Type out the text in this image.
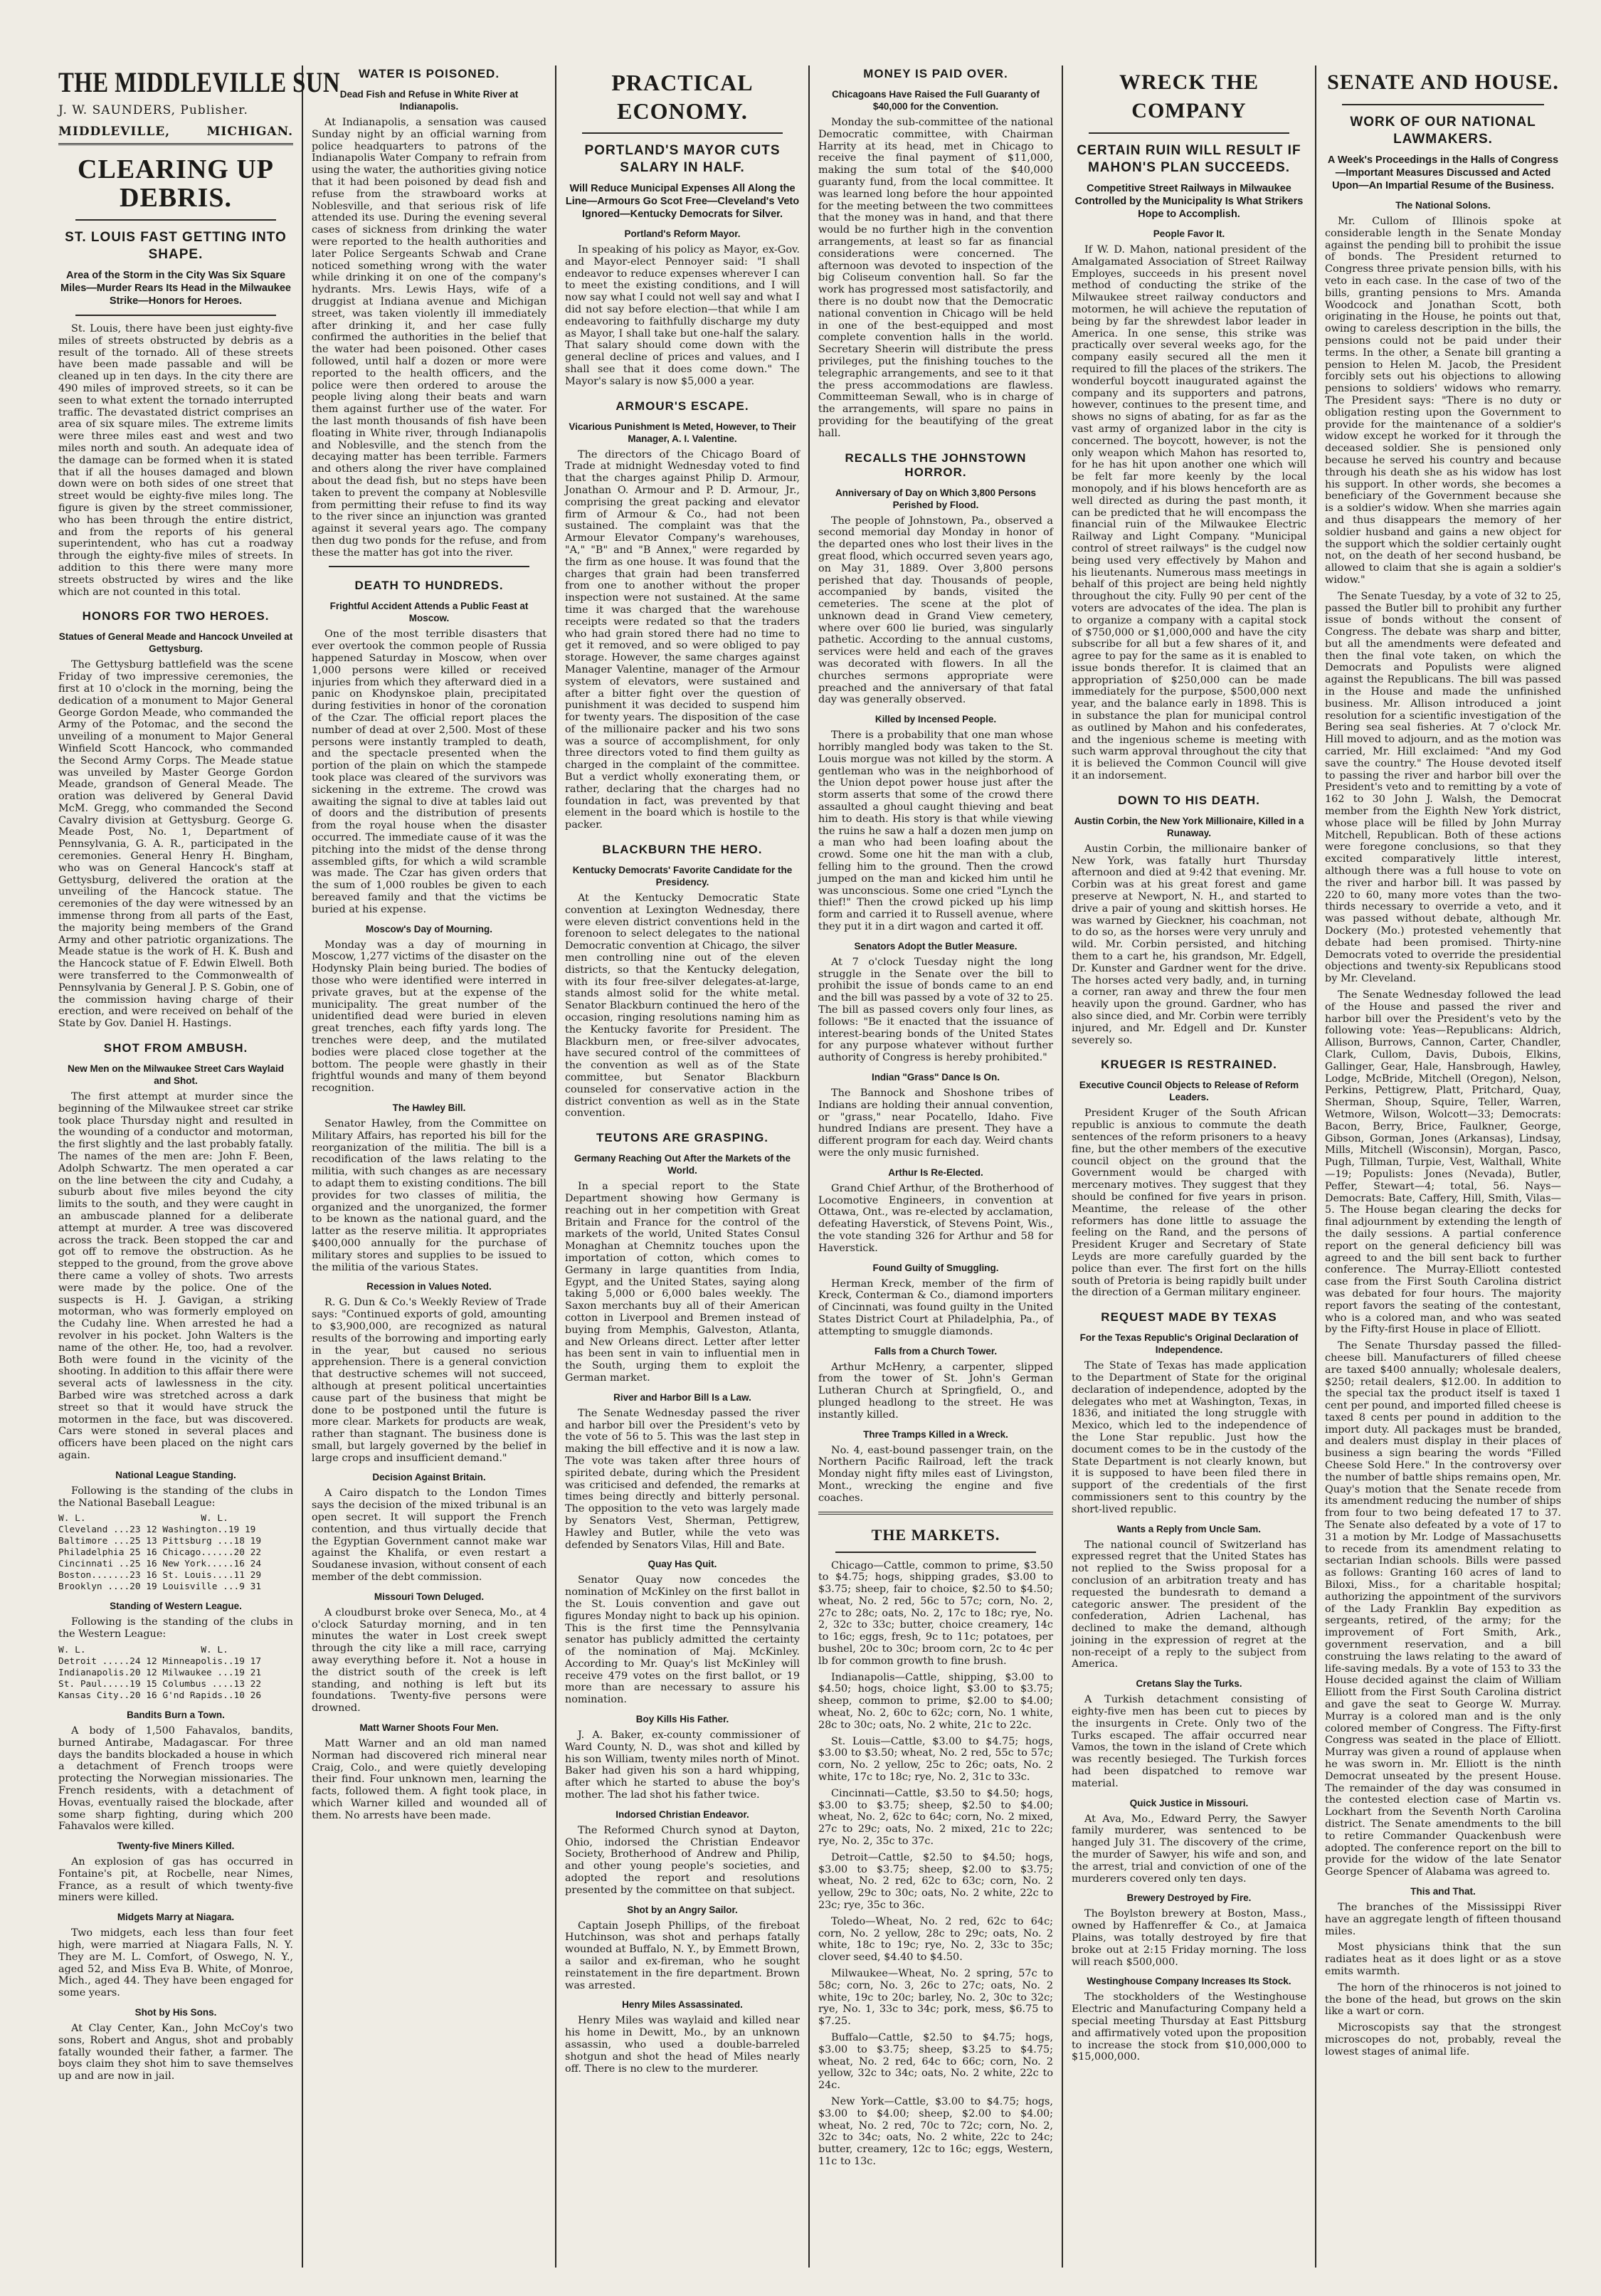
THE MIDDLEVILLE SUN
J. W. SAUNDERS, Publisher.
MIDDLEVILLE,	MICHIGAN.
CLEARING UP DEBRIS.
ST. LOUIS FAST GETTING INTO SHAPE.
Area of the Storm in the City Was Six Square Miles—Murder Rears Its Head in the Milwaukee Strike—Honors for Heroes.

St. Louis, there have been just eighty-five miles of streets obstructed by debris as a result of the tornado. All of these streets have been made passable and will be cleaned up in ten days. In the city there are 490 miles of improved streets, so it can be seen to what extent the tornado interrupted traffic. The devastated district comprises an area of six square miles. The extreme limits were three miles east and west and two miles north and south. An adequate idea of the damage can be formed when it is stated that if all the houses damaged and blown down were on both sides of one street that street would be eighty-five miles long. The figure is given by the street commissioner, who has been through the entire district, and from the reports of his general superintendent, who has cut a roadway through the eighty-five miles of streets. In addition to this there were many more streets obstructed by wires and the like which are not counted in this total.

HONORS FOR TWO HEROES.
Statues of General Meade and Hancock Unveiled at Gettysburg.

The Gettysburg battlefield was the scene Friday of two impressive ceremonies, the first at 10 o'clock in the morning, being the dedication of a monument to Major General George Gordon Meade, who commanded the Army of the Potomac, and the second the unveiling of a monument to Major General Winfield Scott Hancock, who commanded the Second Army Corps. The Meade statue was unveiled by Master George Gordon Meade, grandson of General Meade. The oration was delivered by General David McM. Gregg, who commanded the Second Cavalry division at Gettysburg. George G. Meade Post, No. 1, Department of Pennsylvania, G. A. R., participated in the ceremonies. General Henry H. Bingham, who was on General Hancock's staff at Gettysburg, delivered the oration at the unveiling of the Hancock statue. The ceremonies of the day were witnessed by an immense throng from all parts of the East, the majority being members of the Grand Army and other patriotic organizations. The Meade statue is the work of H. K. Bush and the Hancock statue of F. Edwin Elwell. Both were transferred to the Commonwealth of Pennsylvania by General J. P. S. Gobin, one of the commission having charge of their erection, and were received on behalf of the State by Gov. Daniel H. Hastings.

SHOT FROM AMBUSH.
New Men on the Milwaukee Street Cars Waylaid and Shot.

The first attempt at murder since the beginning of the Milwaukee street car strike took place Thursday night and resulted in the wounding of a conductor and motorman, the first slightly and the last probably fatally. The names of the men are: John F. Been, Adolph Schwartz. The men operated a car on the line between the city and Cudahy, a suburb about five miles beyond the city limits to the south, and they were caught in an ambuscade planned for a deliberate attempt at murder. A tree was discovered across the track. Been stopped the car and got off to remove the obstruction. As he stepped to the ground, from the grove above there came a volley of shots. Two arrests were made by the police. One of the suspects is H. J. Gavigan, a striking motorman, who was formerly employed on the Cudahy line. When arrested he had a revolver in his pocket. John Walters is the name of the other. He, too, had a revolver. Both were found in the vicinity of the shooting. In addition to this affair there were several acts of lawlessness in the city. Barbed wire was stretched across a dark street so that it would have struck the motormen in the face, but was discovered. Cars were stoned in several places and officers have been placed on the night cars again.

National League Standing.

Following is the standing of the clubs in the National Baseball League:

W. L.                     W. L.
Cleveland ...23 12 Washington..19 19
Baltimore ...25 13 Pittsburg ...18 19
Philadelphia 25 16 Chicago......20 22
Cincinnati ..25 16 New York.....16 24
Boston.......23 16 St. Louis....11 29
Brooklyn ....20 19 Louisville ...9 31
Standing of Western League.

Following is the standing of the clubs in the Western League:

W. L.                     W. L.
Detroit .....24 12 Minneapolis..19 17
Indianapolis.20 12 Milwaukee ...19 21
St. Paul.....19 15 Columbus ....13 22
Kansas City..20 16 G'nd Rapids..10 26
Bandits Burn a Town.

A body of 1,500 Fahavalos, bandits, burned Antirabe, Madagascar. For three days the bandits blockaded a house in which a detachment of French troops were protecting the Norwegian missionaries. The French residents, with a detachment of Hovas, eventually raised the blockade, after some sharp fighting, during which 200 Fahavalos were killed.

Twenty-five Miners Killed.

An explosion of gas has occurred in Fontaine's pit, at Rocbelle, near Nimes, France, as a result of which twenty-five miners were killed.

Midgets Marry at Niagara.

Two midgets, each less than four feet high, were married at Niagara Falls, N. Y. They are M. L. Comfort, of Oswego, N. Y., aged 52, and Miss Eva B. White, of Monroe, Mich., aged 44. They have been engaged for some years.

Shot by His Sons.

At Clay Center, Kan., John McCoy's two sons, Robert and Angus, shot and probably fatally wounded their father, a farmer. The boys claim they shot him to save themselves up and are now in jail.

WATER IS POISONED.
Dead Fish and Refuse in White River at Indianapolis.

At Indianapolis, a sensation was caused Sunday night by an official warning from police headquarters to patrons of the Indianapolis Water Company to refrain from using the water, the authorities giving notice that it had been poisoned by dead fish and refuse from the strawboard works at Noblesville, and that serious risk of life attended its use. During the evening several cases of sickness from drinking the water were reported to the health authorities and later Police Sergeants Schwab and Crane noticed something wrong with the water while drinking it on one of the company's hydrants. Mrs. Lewis Hays, wife of a druggist at Indiana avenue and Michigan street, was taken violently ill immediately after drinking it, and her case fully confirmed the authorities in the belief that the water had been poisoned. Other cases followed, until half a dozen or more were reported to the health officers, and the police were then ordered to arouse the people living along their beats and warn them against further use of the water. For the last month thousands of fish have been floating in White river, through Indianapolis and Noblesville, and the stench from the decaying matter has been terrible. Farmers and others along the river have complained about the dead fish, but no steps have been taken to prevent the company at Noblesville from permitting their refuse to find its way to the river since an injunction was granted against it several years ago. The company then dug two ponds for the refuse, and from these the matter has got into the river.

DEATH TO HUNDREDS.
Frightful Accident Attends a Public Feast at Moscow.

One of the most terrible disasters that ever overtook the common people of Russia happened Saturday in Moscow, when over 1,000 persons were killed or received injuries from which they afterward died in a panic on Khodynskoe plain, precipitated during festivities in honor of the coronation of the Czar. The official report places the number of dead at over 2,500. Most of these persons were instantly trampled to death, and the spectacle presented when the portion of the plain on which the stampede took place was cleared of the survivors was sickening in the extreme. The crowd was awaiting the signal to dive at tables laid out of doors and the distribution of presents from the royal house when the disaster occurred. The immediate cause of it was the pitching into the midst of the dense throng assembled gifts, for which a wild scramble was made. The Czar has given orders that the sum of 1,000 roubles be given to each bereaved family and that the victims be buried at his expense.

Moscow's Day of Mourning.

Monday was a day of mourning in Moscow, 1,277 victims of the disaster on the Hodynsky Plain being buried. The bodies of those who were identified were interred in private graves, but at the expense of the municipality. The great number of the unidentified dead were buried in eleven great trenches, each fifty yards long. The trenches were deep, and the mutilated bodies were placed close together at the bottom. The people were ghastly in their frightful wounds and many of them beyond recognition.

The Hawley Bill.

Senator Hawley, from the Committee on Military Affairs, has reported his bill for the reorganization of the militia. The bill is a recodification of the laws relating to the militia, with such changes as are necessary to adapt them to existing conditions. The bill provides for two classes of militia, the organized and the unorganized, the former to be known as the national guard, and the latter as the reserve militia. It appropriates $400,000 annually for the purchase of military stores and supplies to be issued to the militia of the various States.

Recession in Values Noted.

R. G. Dun & Co.'s Weekly Review of Trade says: "Continued exports of gold, amounting to $3,900,000, are recognized as natural results of the borrowing and importing early in the year, but caused no serious apprehension. There is a general conviction that destructive schemes will not succeed, although at present political uncertainties cause part of the business that might be done to be postponed until the future is more clear. Markets for products are weak, rather than stagnant. The business done is small, but largely governed by the belief in large crops and insufficient demand."

Decision Against Britain.

A Cairo dispatch to the London Times says the decision of the mixed tribunal is an open secret. It will support the French contention, and thus virtually decide that the Egyptian Government cannot make war against the Khalifa, or even restart a Soudanese invasion, without consent of each member of the debt commission.

Missouri Town Deluged.

A cloudburst broke over Seneca, Mo., at 4 o'clock Saturday morning, and in ten minutes the water in Lost creek swept through the city like a mill race, carrying away everything before it. Not a house in the district south of the creek is left standing, and nothing is left but its foundations. Twenty-five persons were drowned.

Matt Warner Shoots Four Men.

Matt Warner and an old man named Norman had discovered rich mineral near Craig, Colo., and were quietly developing their find. Four unknown men, learning the facts, followed them. A fight took place, in which Warner killed and wounded all of them. No arrests have been made.

PRACTICAL ECONOMY.
PORTLAND'S MAYOR CUTS SALARY IN HALF.
Will Reduce Municipal Expenses All Along the Line—Armours Go Scot Free—Cleveland's Veto Ignored—Kentucky Democrats for Silver.
Portland's Reform Mayor.

In speaking of his policy as Mayor, ex-Gov. and Mayor-elect Pennoyer said: "I shall endeavor to reduce expenses wherever I can to meet the existing conditions, and I will now say what I could not well say and what I did not say before election—that while I am endeavoring to faithfully discharge my duty as Mayor, I shall take but one-half the salary. That salary should come down with the general decline of prices and values, and I shall see that it does come down." The Mayor's salary is now $5,000 a year.

ARMOUR'S ESCAPE.
Vicarious Punishment Is Meted, However, to Their Manager, A. I. Valentine.

The directors of the Chicago Board of Trade at midnight Wednesday voted to find that the charges against Philip D. Armour, Jonathan O. Armour and P. D. Armour, Jr., comprising the great packing and elevator firm of Armour & Co., had not been sustained. The complaint was that the Armour Elevator Company's warehouses, "A," "B" and "B Annex," were regarded by the firm as one house. It was found that the charges that grain had been transferred from one to another without the proper inspection were not sustained. At the same time it was charged that the warehouse receipts were redated so that the traders who had grain stored there had no time to get it removed, and so were obliged to pay storage. However, the same charges against Manager Valentine, manager of the Armour system of elevators, were sustained and after a bitter fight over the question of punishment it was decided to suspend him for twenty years. The disposition of the case of the millionaire packer and his two sons was a source of accomplishment, for only three directors voted to find them guilty as charged in the complaint of the committee. But a verdict wholly exonerating them, or rather, declaring that the charges had no foundation in fact, was prevented by that element in the board which is hostile to the packer.

BLACKBURN THE HERO.
Kentucky Democrats' Favorite Candidate for the Presidency.

At the Kentucky Democratic State convention at Lexington Wednesday, there were eleven district conventions held in the forenoon to select delegates to the national Democratic convention at Chicago, the silver men controlling nine out of the eleven districts, so that the Kentucky delegation, with its four free-silver delegates-at-large, stands almost solid for the white metal. Senator Blackburn continued the hero of the occasion, ringing resolutions naming him as the Kentucky favorite for President. The Blackburn men, or free-silver advocates, have secured control of the committees of the convention as well as of the State committee, but Senator Blackburn counseled for conservative action in the district convention as well as in the State convention.

TEUTONS ARE GRASPING.
Germany Reaching Out After the Markets of the World.

In a special report to the State Department showing how Germany is reaching out in her competition with Great Britain and France for the control of the markets of the world, United States Consul Monaghan at Chemnitz touches upon the importation of cotton, which comes to Germany in large quantities from India, Egypt, and the United States, saying along taking 5,000 or 6,000 bales weekly. The Saxon merchants buy all of their American cotton in Liverpool and Bremen instead of buying from Memphis, Galveston, Atlanta, and New Orleans direct. Letter after letter has been sent in vain to influential men in the South, urging them to exploit the German market.

River and Harbor Bill Is a Law.

The Senate Wednesday passed the river and harbor bill over the President's veto by the vote of 56 to 5. This was the last step in making the bill effective and it is now a law. The vote was taken after three hours of spirited debate, during which the President was criticised and defended, the remarks at times being directly and bitterly personal. The opposition to the veto was largely made by Senators Vest, Sherman, Pettigrew, Hawley and Butler, while the veto was defended by Senators Vilas, Hill and Bate.

Quay Has Quit.

Senator Quay now concedes the nomination of McKinley on the first ballot in the St. Louis convention and gave out figures Monday night to back up his opinion. This is the first time the Pennsylvania senator has publicly admitted the certainty of the nomination of Maj. McKinley. According to Mr. Quay's list McKinley will receive 479 votes on the first ballot, or 19 more than are necessary to assure his nomination.

Boy Kills His Father.

J. A. Baker, ex-county commissioner of Ward County, N. D., was shot and killed by his son William, twenty miles north of Minot. Baker had given his son a hard whipping, after which he started to abuse the boy's mother. The lad shot his father twice.

Indorsed Christian Endeavor.

The Reformed Church synod at Dayton, Ohio, indorsed the Christian Endeavor Society, Brotherhood of Andrew and Philip, and other young people's societies, and adopted the report and resolutions presented by the committee on that subject.

Shot by an Angry Sailor.

Captain Joseph Phillips, of the fireboat Hutchinson, was shot and perhaps fatally wounded at Buffalo, N. Y., by Emmett Brown, a sailor and ex-fireman, who he sought reinstatement in the fire department. Brown was arrested.

Henry Miles Assassinated.

Henry Miles was waylaid and killed near his home in Dewitt, Mo., by an unknown assassin, who used a double-barreled shotgun and shot the head of Miles nearly off. There is no clew to the murderer.

MONEY IS PAID OVER.
Chicagoans Have Raised the Full Guaranty of $40,000 for the Convention.

Monday the sub-committee of the national Democratic committee, with Chairman Harrity at its head, met in Chicago to receive the final payment of $11,000, making the sum total of the $40,000 guaranty fund, from the local committee. It was learned long before the hour appointed for the meeting between the two committees that the money was in hand, and that there would be no further high in the convention arrangements, at least so far as financial considerations were concerned. The afternoon was devoted to inspection of the big Coliseum convention hall. So far the work has progressed most satisfactorily, and there is no doubt now that the Democratic national convention in Chicago will be held in one of the best-equipped and most complete convention halls in the world. Secretary Sheerin will distribute the press privileges, put the finishing touches to the telegraphic arrangements, and see to it that the press accommodations are flawless. Committeeman Sewall, who is in charge of the arrangements, will spare no pains in providing for the beautifying of the great hall.

RECALLS THE JOHNSTOWN HORROR.
Anniversary of Day on Which 3,800 Persons Perished by Flood.

The people of Johnstown, Pa., observed a second memorial day Monday in honor of the departed ones who lost their lives in the great flood, which occurred seven years ago, on May 31, 1889. Over 3,800 persons perished that day. Thousands of people, accompanied by bands, visited the cemeteries. The scene at the plot of unknown dead in Grand View cemetery, where over 600 lie buried, was singularly pathetic. According to the annual customs, services were held and each of the graves was decorated with flowers. In all the churches sermons appropriate were preached and the anniversary of that fatal day was generally observed.

Killed by Incensed People.

There is a probability that one man whose horribly mangled body was taken to the St. Louis morgue was not killed by the storm. A gentleman who was in the neighborhood of the Union depot power house just after the storm asserts that some of the crowd there assaulted a ghoul caught thieving and beat him to death. His story is that while viewing the ruins he saw a half a dozen men jump on a man who had been loafing about the crowd. Some one hit the man with a club, felling him to the ground. Then the crowd jumped on the man and kicked him until he was unconscious. Some one cried "Lynch the thief!" Then the crowd picked up his limp form and carried it to Russell avenue, where they put it in a dirt wagon and carted it off.

Senators Adopt the Butler Measure.

At 7 o'clock Tuesday night the long struggle in the Senate over the bill to prohibit the issue of bonds came to an end and the bill was passed by a vote of 32 to 25. The bill as passed covers only four lines, as follows: "Be it enacted that the issuance of interest-bearing bonds of the United States for any purpose whatever without further authority of Congress is hereby prohibited."

Indian "Grass" Dance Is On.

The Bannock and Shoshone tribes of Indians are holding their annual convention, or "grass," near Pocatello, Idaho. Five hundred Indians are present. They have a different program for each day. Weird chants were the only music furnished.

Arthur Is Re-Elected.

Grand Chief Arthur, of the Brotherhood of Locomotive Engineers, in convention at Ottawa, Ont., was re-elected by acclamation, defeating Haverstick, of Stevens Point, Wis., the vote standing 326 for Arthur and 58 for Haverstick.

Found Guilty of Smuggling.

Herman Kreck, member of the firm of Kreck, Conterman & Co., diamond importers of Cincinnati, was found guilty in the United States District Court at Philadelphia, Pa., of attempting to smuggle diamonds.

Falls from a Church Tower.

Arthur McHenry, a carpenter, slipped from the tower of St. John's German Lutheran Church at Springfield, O., and plunged headlong to the street. He was instantly killed.

Three Tramps Killed in a Wreck.

No. 4, east-bound passenger train, on the Northern Pacific Railroad, left the track Monday night fifty miles east of Livingston, Mont., wrecking the engine and five coaches.

THE MARKETS.

Chicago—Cattle, common to prime, $3.50 to $4.75; hogs, shipping grades, $3.00 to $3.75; sheep, fair to choice, $2.50 to $4.50; wheat, No. 2 red, 56c to 57c; corn, No. 2, 27c to 28c; oats, No. 2, 17c to 18c; rye, No. 2, 32c to 33c; butter, choice creamery, 14c to 16c; eggs, fresh, 9c to 11c; potatoes, per bushel, 20c to 30c; broom corn, 2c to 4c per lb for common growth to fine brush.

Indianapolis—Cattle, shipping, $3.00 to $4.50; hogs, choice light, $3.00 to $3.75; sheep, common to prime, $2.00 to $4.00; wheat, No. 2, 60c to 62c; corn, No. 1 white, 28c to 30c; oats, No. 2 white, 21c to 22c.

St. Louis—Cattle, $3.00 to $4.75; hogs, $3.00 to $3.50; wheat, No. 2 red, 55c to 57c; corn, No. 2 yellow, 25c to 26c; oats, No. 2 white, 17c to 18c; rye, No. 2, 31c to 33c.

Cincinnati—Cattle, $3.50 to $4.50; hogs, $3.00 to $3.75; sheep, $2.50 to $4.00; wheat, No. 2, 62c to 64c; corn, No. 2 mixed, 27c to 29c; oats, No. 2 mixed, 21c to 22c; rye, No. 2, 35c to 37c.

Detroit—Cattle, $2.50 to $4.50; hogs, $3.00 to $3.75; sheep, $2.00 to $3.75; wheat, No. 2 red, 62c to 63c; corn, No. 2 yellow, 29c to 30c; oats, No. 2 white, 22c to 23c; rye, 35c to 36c.

Toledo—Wheat, No. 2 red, 62c to 64c; corn, No. 2 yellow, 28c to 29c; oats, No. 2 white, 18c to 19c; rye, No. 2, 33c to 35c; clover seed, $4.40 to $4.50.

Milwaukee—Wheat, No. 2 spring, 57c to 58c; corn, No. 3, 26c to 27c; oats, No. 2 white, 19c to 20c; barley, No. 2, 30c to 32c; rye, No. 1, 33c to 34c; pork, mess, $6.75 to $7.25.

Buffalo—Cattle, $2.50 to $4.75; hogs, $3.00 to $3.75; sheep, $3.25 to $4.75; wheat, No. 2 red, 64c to 66c; corn, No. 2 yellow, 32c to 34c; oats, No. 2 white, 22c to 24c.

New York—Cattle, $3.00 to $4.75; hogs, $3.00 to $4.00; sheep, $2.00 to $4.00; wheat, No. 2 red, 70c to 72c; corn, No. 2, 32c to 34c; oats, No. 2 white, 22c to 24c; butter, creamery, 12c to 16c; eggs, Western, 11c to 13c.

WRECK THE COMPANY
CERTAIN RUIN WILL RESULT IF MAHON'S PLAN SUCCEEDS.
Competitive Street Railways in Milwaukee Controlled by the Municipality Is What Strikers Hope to Accomplish.
People Favor It.

If W. D. Mahon, national president of the Amalgamated Association of Street Railway Employes, succeeds in his present novel method of conducting the strike of the Milwaukee street railway conductors and motormen, he will achieve the reputation of being by far the shrewdest labor leader in America. In one sense, this strike was practically over several weeks ago, for the company easily secured all the men it required to fill the places of the strikers. The wonderful boycott inaugurated against the company and its supporters and patrons, however, continues to the present time, and shows no signs of abating, for as far as the vast army of organized labor in the city is concerned. The boycott, however, is not the only weapon which Mahon has resorted to, for he has hit upon another one which will be felt far more keenly by the local monopoly, and if his blows henceforth are as well directed as during the past month, it can be predicted that he will encompass the financial ruin of the Milwaukee Electric Railway and Light Company. "Municipal control of street railways" is the cudgel now being used very effectively by Mahon and his lieutenants. Numerous mass meetings in behalf of this project are being held nightly throughout the city. Fully 90 per cent of the voters are advocates of the idea. The plan is to organize a company with a capital stock of $750,000 or $1,000,000 and have the city subscribe for all but a few shares of it, and agree to pay for the same as it is enabled to issue bonds therefor. It is claimed that an appropriation of $250,000 can be made immediately for the purpose, $500,000 next year, and the balance early in 1898. This is in substance the plan for municipal control as outlined by Mahon and his confederates, and the ingenious scheme is meeting with such warm approval throughout the city that it is believed the Common Council will give it an indorsement.

DOWN TO HIS DEATH.
Austin Corbin, the New York Millionaire, Killed in a Runaway.

Austin Corbin, the millionaire banker of New York, was fatally hurt Thursday afternoon and died at 9:42 that evening. Mr. Corbin was at his great forest and game preserve at Newport, N. H., and started to drive a pair of young and skittish horses. He was warned by Gieckner, his coachman, not to do so, as the horses were very unruly and wild. Mr. Corbin persisted, and hitching them to a cart he, his grandson, Mr. Edgell, Dr. Kunster and Gardner went for the drive. The horses acted very badly, and, in turning a corner, ran away and threw the four men heavily upon the ground. Gardner, who has also since died, and Mr. Corbin were terribly injured, and Mr. Edgell and Dr. Kunster severely so.

KRUEGER IS RESTRAINED.
Executive Council Objects to Release of Reform Leaders.

President Kruger of the South African republic is anxious to commute the death sentences of the reform prisoners to a heavy fine, but the other members of the executive council object on the ground that the Government would be charged with mercenary motives. They suggest that they should be confined for five years in prison. Meantime, the release of the other reformers has done little to assuage the feeling on the Rand, and the persons of President Kruger and Secretary of State Leyds are more carefully guarded by the police than ever. The first fort on the hills south of Pretoria is being rapidly built under the direction of a German military engineer.

REQUEST MADE BY TEXAS
For the Texas Republic's Original Declaration of Independence.

The State of Texas has made application to the Department of State for the original declaration of independence, adopted by the delegates who met at Washington, Texas, in 1836, and initiated the long struggle with Mexico, which led to the independence of the Lone Star republic. Just how the document comes to be in the custody of the State Department is not clearly known, but it is supposed to have been filed there in support of the credentials of the first commissioners sent to this country by the short-lived republic.

Wants a Reply from Uncle Sam.

The national council of Switzerland has expressed regret that the United States has not replied to the Swiss proposal for a conclusion of an arbitration treaty and has requested the bundesrath to demand a categoric answer. The president of the confederation, Adrien Lachenal, has declined to make the demand, although joining in the expression of regret at the non-receipt of a reply to the subject from America.

Cretans Slay the Turks.

A Turkish detachment consisting of eighty-five men has been cut to pieces by the insurgents in Crete. Only two of the Turks escaped. The affair occurred near Vamos, the town in the island of Crete which was recently besieged. The Turkish forces had been dispatched to remove war material.

Quick Justice in Missouri.

At Ava, Mo., Edward Perry, the Sawyer family murderer, was sentenced to be hanged July 31. The discovery of the crime, the murder of Sawyer, his wife and son, and the arrest, trial and conviction of one of the murderers covered only ten days.

Brewery Destroyed by Fire.

The Boylston brewery at Boston, Mass., owned by Haffenreffer & Co., at Jamaica Plains, was totally destroyed by fire that broke out at 2:15 Friday morning. The loss will reach $500,000.

Westinghouse Company Increases Its Stock.

The stockholders of the Westinghouse Electric and Manufacturing Company held a special meeting Thursday at East Pittsburg and affirmatively voted upon the proposition to increase the stock from $10,000,000 to $15,000,000.

SENATE AND HOUSE.
WORK OF OUR NATIONAL LAWMAKERS.
A Week's Proceedings in the Halls of Congress—Important Measures Discussed and Acted Upon—An Impartial Resume of the Business.
The National Solons.

Mr. Cullom of Illinois spoke at considerable length in the Senate Monday against the pending bill to prohibit the issue of bonds. The President returned to Congress three private pension bills, with his veto in each case. In the case of two of the bills, granting pensions to Mrs. Amanda Woodcock and Jonathan Scott, both originating in the House, he points out that, owing to careless description in the bills, the pensions could not be paid under their terms. In the other, a Senate bill granting a pension to Helen M. Jacob, the President forcibly sets out his objections to allowing pensions to soldiers' widows who remarry. The President says: "There is no duty or obligation resting upon the Government to provide for the maintenance of a soldier's widow except he worked for it through the deceased soldier. She is pensioned only because he served his country and because through his death she as his widow has lost his support. In other words, she becomes a beneficiary of the Government because she is a soldier's widow. When she marries again and thus disappears the memory of her soldier husband and gains a new object for the support which the soldier certainly ought not, on the death of her second husband, be allowed to claim that she is again a soldier's widow."

The Senate Tuesday, by a vote of 32 to 25, passed the Butler bill to prohibit any further issue of bonds without the consent of Congress. The debate was sharp and bitter, but all the amendments were defeated and then the final vote taken, on which the Democrats and Populists were aligned against the Republicans. The bill was passed in the House and made the unfinished business. Mr. Allison introduced a joint resolution for a scientific investigation of the Bering sea seal fisheries. At 7 o'clock Mr. Hill moved to adjourn, and as the motion was carried, Mr. Hill exclaimed: "And my God save the country." The House devoted itself to passing the river and harbor bill over the President's veto and to remitting by a vote of 162 to 30 John J. Walsh, the Democrat member from the Eighth New York district, whose place will be filled by John Murray Mitchell, Republican. Both of these actions were foregone conclusions, so that they excited comparatively little interest, although there was a full house to vote on the river and harbor bill. It was passed by 220 to 60, many more votes than the two-thirds necessary to override a veto, and it was passed without debate, although Mr. Dockery (Mo.) protested vehemently that debate had been promised. Thirty-nine Democrats voted to override the presidential objections and twenty-six Republicans stood by Mr. Cleveland.

The Senate Wednesday followed the lead of the House and passed the river and harbor bill over the President's veto by the following vote: Yeas—Republicans: Aldrich, Allison, Burrows, Cannon, Carter, Chandler, Clark, Cullom, Davis, Dubois, Elkins, Gallinger, Gear, Hale, Hansbrough, Hawley, Lodge, McBride, Mitchell (Oregon), Nelson, Perkins, Pettigrew, Platt, Pritchard, Quay, Sherman, Shoup, Squire, Teller, Warren, Wetmore, Wilson, Wolcott—33; Democrats: Bacon, Berry, Brice, Faulkner, George, Gibson, Gorman, Jones (Arkansas), Lindsay, Mills, Mitchell (Wisconsin), Morgan, Pasco, Pugh, Tillman, Turpie, Vest, Walthall, White—19; Populists: Jones (Nevada), Butler, Peffer, Stewart—4; total, 56. Nays—Democrats: Bate, Caffery, Hill, Smith, Vilas—5. The House began clearing the decks for final adjournment by extending the length of the daily sessions. A partial conference report on the general deficiency bill was agreed to and the bill sent back to further conference. The Murray-Elliott contested case from the First South Carolina district was debated for four hours. The majority report favors the seating of the contestant, who is a colored man, and who was seated by the Fifty-first House in place of Elliott.

The Senate Thursday passed the filled-cheese bill. Manufacturers of filled cheese are taxed $400 annually; wholesale dealers, $250; retail dealers, $12.00. In addition to the special tax the product itself is taxed 1 cent per pound, and imported filled cheese is taxed 8 cents per pound in addition to the import duty. All packages must be branded, and dealers must display in their places of business a sign bearing the words "Filled Cheese Sold Here." In the controversy over the number of battle ships remains open, Mr. Quay's motion that the Senate recede from its amendment reducing the number of ships from four to two being defeated 17 to 37. The Senate also defeated by a vote of 17 to 31 a motion by Mr. Lodge of Massachusetts to recede from its amendment relating to sectarian Indian schools. Bills were passed as follows: Granting 160 acres of land to Biloxi, Miss., for a charitable hospital; authorizing the appointment of the survivors of the Lady Franklin Bay expedition as sergeants, retired, of the army; for the improvement of Fort Smith, Ark., government reservation, and a bill construing the laws relating to the award of life-saving medals. By a vote of 153 to 33 the House decided against the claim of William Elliott from the First South Carolina district and gave the seat to George W. Murray. Murray is a colored man and is the only colored member of Congress. The Fifty-first Congress was seated in the place of Elliott. Murray was given a round of applause when he was sworn in. Mr. Elliott is the ninth Democrat unseated by the present House. The remainder of the day was consumed in the contested election case of Martin vs. Lockhart from the Seventh North Carolina district. The Senate amendments to the bill to retire Commander Quackenbush were adopted. The conference report on the bill to provide for the widow of the late Senator George Spencer of Alabama was agreed to.

This and That.

The branches of the Mississippi River have an aggregate length of fifteen thousand miles.

Most physicians think that the sun radiates heat as it does light or as a stove emits warmth.

The horn of the rhinoceros is not joined to the bone of the head, but grows on the skin like a wart or corn.

Microscopists say that the strongest microscopes do not, probably, reveal the lowest stages of animal life.
